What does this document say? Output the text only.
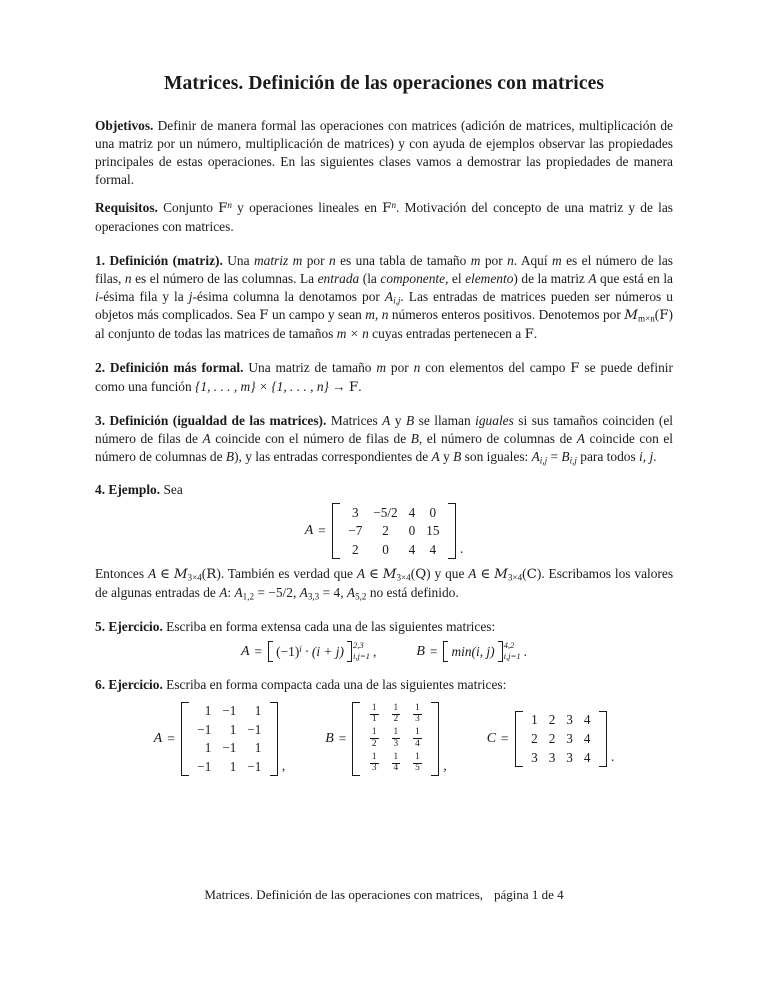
Matrices. Definición de las operaciones con matrices

Objetivos. Definir de manera formal las operaciones con matrices (adición de matrices, multiplicación de una matriz por un número, multiplicación de matrices) y con ayuda de ejemplos observar las propiedades principales de estas operaciones. En las siguientes clases vamos a demostrar las propiedades de manera formal.

Requisitos. Conjunto $F^n$ y operaciones lineales en $F^n$. Motivación del concepto de una matriz y de las operaciones con matrices.

1. Definición (matriz). Una matriz m por n es una tabla de tamaño m por n. Aquí m es el número de las filas, n es el número de las columnas. La entrada (la componente, el elemento) de la matriz A que está en la i-ésima fila y la j-ésima columna la denotamos por $A_{i,j}$. Las entradas de matrices pueden ser números u objetos más complicados. Sea F un campo y sean m, n números enteros positivos. Denotemos por $M_{m\times n}(F)$ al conjunto de todas las matrices de tamaños m × n cuyas entradas pertenecen a F.

2. Definición más formal. Una matriz de tamaño m por n con elementos del campo F se puede definir como una función {1, . . . , m} × {1, . . . , n} → F.

3. Definición (igualdad de las matrices). Matrices A y B se llaman iguales si sus tamaños coinciden (el número de filas de A coincide con el número de filas de B, el número de columnas de A coincide con el número de columnas de B), y las entradas correspondientes de A y B son iguales: $A_{i,j} = B_{i,j}$ para todos i, j.

4. Ejemplo. Sea

A =
3	−5/2	4	0
−7	2	0	15
2	0	4	4 .

Entonces A ∈ $M_{3\times 4}(R)$. También es verdad que A ∈ $M_{3\times 4}(Q)$ y que A ∈ $M_{3\times 4}(C)$. Escribamos los valores de algunas entradas de A: $A_{1,2} = -5/2$, $A_{3,3} = 4$, $A_{5,2}$ no está definido.

5. Ejercicio. Escriba en forma extensa cada una de las siguientes matrices:

A =	$(-1)^i \cdot (i + j)$	2,3
i,j=1 ,	B =	min(i, j)	4,2
i,j=1 .

6. Ejercicio. Escriba en forma compacta cada una de las siguientes matrices:

A =
1	−1	1
−1	1	−1
1	−1	1
−1	1	−1 ,
B =
$\frac{1}{1}$	$\frac{1}{2}$	$\frac{1}{3}$

$\frac{1}{2}$	$\frac{1}{3}$	$\frac{1}{4}$

$\frac{1}{3}$	$\frac{1}{4}$	$\frac{1}{5}$ ,
C =
1	2	3	4
2	2	3	4
3	3	3	4 .
Matrices. Definición de las operaciones con matrices, página 1 de 4
